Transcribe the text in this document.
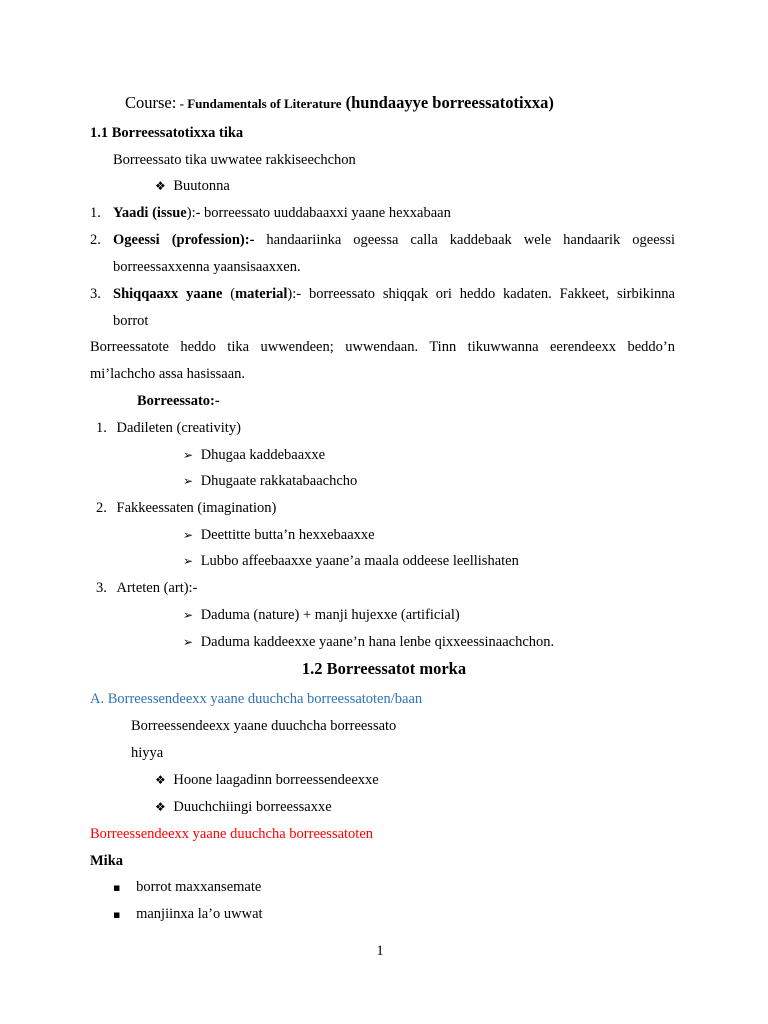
Course: - Fundamentals of Literature (hundaayye borreessatotixxa)
1.1 Borreessatotixxa tika
Borreessato tika uwwatee rakkiseechchon
❖ Buutonna
1. Yaadi (issue):- borreessato uuddabaaxxi yaane hexxabaan
2. Ogeessi (profession):- handaariinka ogeessa calla kaddebaak wele handaarik ogeessi
borreessaxxenna yaansisaaxxen.
3. Shiqqaaxx yaane (material):- borreessato shiqqak ori heddo kadaten. Fakkeet, sirbikinna
borrot
Borreessatote heddo tika uwwendeen; uwwendaan. Tinn tikuwwanna eerendeexx beddo’n
mi’lachcho assa hasissaan.
Borreessato:-
1. Dadileten (creativity)
➢ Dhugaa kaddebaaxxe
➢ Dhugaate rakkatabaachcho
2. Fakkeessaten (imagination)
➢ Deettitte butta’n hexxebaaxxe
➢ Lubbo affeebaaxxe yaane’a maala oddeese leellishaten
3. Arteten (art):-
➢ Daduma (nature) + manji hujexxe (artificial)
➢ Daduma kaddeexxe yaane’n hana lenbe qixxeessinaachchon.
1.2 Borreessatot morka
A. Borreessendeexx yaane duuchcha borreessatoten/baan
Borreessendeexx yaane duuchcha borreessato
hiyya
❖ Hoone laagadinn borreessendeexxe
❖ Duuchchiingi borreessaxxe
Borreessendeexx yaane duuchcha borreessatoten
Mika
▪ borrot maxxansemate
▪ manjiinxa la’o uwwat
1
